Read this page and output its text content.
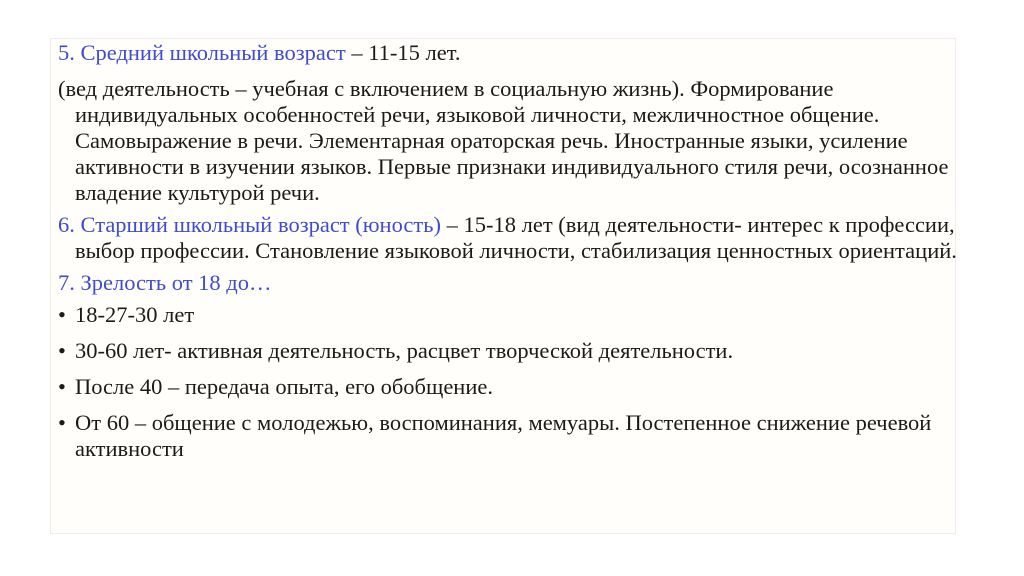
5. Средний школьный возраст – 11-15 лет.

(вед деятельность – учебная с включением в социальную жизнь). Формирование индивидуальных особенностей речи, языковой личности, межличностное общение. Самовыражение в речи. Элементарная ораторская речь. Иностранные языки, усиление активности в изучении языков. Первые признаки индивидуального стиля речи, осознанное владение культурой речи.

6. Старший школьный возраст (юность) – 15-18 лет (вид деятельности- интерес к профессии, выбор профессии. Становление языковой личности, стабилизация ценностных ориентаций.

7. Зрелость от 18 до…

• 18-27-30 лет
• 30-60 лет- активная деятельность, расцвет творческой деятельности.
• После 40 – передача опыта, его обобщение.
• От 60 – общение с молодежью, воспоминания, мемуары. Постепенное снижение речевой активности
